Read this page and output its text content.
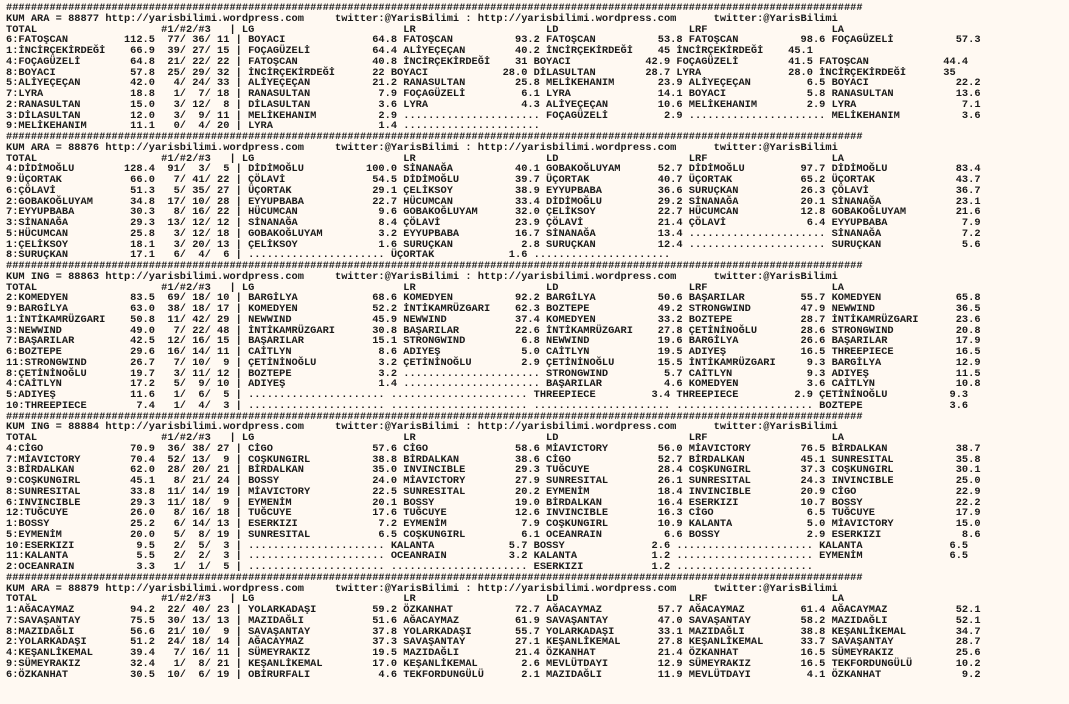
##########################################################################################################################################
KUM ARA = 88877 http://yarisbilimi.wordpress.com     twitter:@YarisBilimi : http://yarisbilimi.wordpress.com      twitter:@YarisBilimi
TOTAL                    #1/#2/#3   | LG                        LR                     LD                     LRF                    LA
6:FATOŞCAN         112.5  77/ 36/ 11 | BOYACI              64.8 FATOŞCAN          93.2 FATOŞCAN          53.8 FATOŞCAN          98.6 FOÇAGÜZELİ          57.3
1:İNCİRÇEKİRDEĞİ    66.9  39/ 27/ 15 | FOÇAGÜZELİ          64.4 ALİYEÇEÇAN        40.2 İNCİRÇEKİRDEĞİ    45 İNCİRÇEKİRDEĞİ    45.1
4:FOÇAGÜZELİ        64.8  21/ 22/ 22 | FATOŞCAN            40.8 İNCİRÇEKİRDEĞİ    31 BOYACI            42.9 FOÇAGÜZELİ        41.5 FATOŞCAN            44.4
8:BOYACI            57.8  25/ 29/ 32 | İNCİRÇEKİRDEĞİ      22 BOYACI            28.0 DİLASULTAN        28.7 LYRA              28.0 İNCİRÇEKİRDEĞİ      35
5:ALİYEÇEÇAN        42.0   4/ 24/ 33 | ALİYEÇEÇAN          21.2 RANASULTAN        25.8 MELİKEHANIM       23.9 ALİYEÇEÇAN         6.5 BOYACI              22.2
7:LYRA              18.8   1/  7/ 18 | RANASULTAN           7.9 FOÇAGÜZELİ         6.1 LYRA              14.1 BOYACI             5.8 RANASULTAN          13.6
2:RANASULTAN        15.0   3/ 12/  8 | DİLASULTAN           3.6 LYRA               4.3 ALİYEÇEÇAN        10.6 MELİKEHANIM        2.9 LYRA                 7.1
3:DİLASULTAN        12.0   3/  9/ 11 | MELİKEHANIM          2.9 ...................... FOÇAGÜZELİ         2.9 ...................... MELİKEHANIM          3.6
9:MELİKEHANIM       11.1   0/  4/ 20 | LYRA                 1.4 ......................
##########################################################################################################################################
KUM ARA = 88876 http://yarisbilimi.wordpress.com     twitter:@YarisBilimi : http://yarisbilimi.wordpress.com      twitter:@YarisBilimi
TOTAL                    #1/#2/#3   | LG                        LR                     LD                     LRF                    LA
4:DİDİMOĞLU        128.4  91/  3/  5 | DİDİMOĞLU          100.0 SİNANAĞA          40.1 GOBAKOĞLUYAM      52.7 DİDİMOĞLU         97.7 DİDİMOĞLU           83.4
9:ÜÇORTAK           66.0   7/ 41/ 22 | ÇÖLAVİ              54.5 DİDİMOĞLU         39.7 ÜÇORTAK           40.7 ÜÇORTAK           65.2 ÜÇORTAK             43.7
6:ÇÖLAVİ            51.3   5/ 35/ 27 | ÜÇORTAK             29.1 ÇELİKSOY          38.9 EYYUPBABA         36.6 SURUÇKAN          26.3 ÇÖLAVİ              36.7
2:GOBAKOĞLUYAM      34.8  17/ 10/ 28 | EYYUPBABA           22.7 HÜCUMCAN          33.4 DİDİMOĞLU         29.2 SİNANAĞA          20.1 SİNANAĞA            23.1
7:EYYUPBABA         30.3   8/ 16/ 22 | HÜCUMCAN             9.6 GOBAKOĞLUYAM      32.0 ÇELİKSOY          22.7 HÜCUMCAN          12.8 GOBAKOĞLUYAM        21.6
3:SİNANAĞA          29.3  13/ 12/ 12 | SİNANAĞA             8.4 ÇÖLAVİ            23.9 ÇÖLAVİ            21.4 ÇÖLAVİ             6.4 EYYUPBABA            7.9
5:HÜCUMCAN          25.8   3/ 12/ 18 | GOBAKOĞLUYAM         3.2 EYYUPBABA         16.7 SİNANAĞA          13.4 ...................... SİNANAĞA             7.2
1:ÇELİKSOY          18.1   3/ 20/ 13 | ÇELİKSOY             1.6 SURUÇKAN           2.8 SURUÇKAN          12.4 ...................... SURUÇKAN             5.6
8:SURUÇKAN          17.1   6/  4/  6 | ...................... ÜÇORTAK            1.6 ......................
##########################################################################################################################################
KUM ING = 88863 http://yarisbilimi.wordpress.com     twitter:@YarisBilimi : http://yarisbilimi.wordpress.com      twitter:@YarisBilimi
TOTAL                    #1/#2/#3   | LG                        LR                     LD                     LRF                    LA
2:KOMEDYEN          83.5  69/ 18/ 10 | BARGİLYA            68.6 KOMEDYEN          92.2 BARGİLYA          50.6 BAŞARILAR         55.7 KOMEDYEN            65.8
9:BARGİLYA          63.0  38/ 18/ 17 | KOMEDYEN            52.2 İNTİKAMRÜZGARI    62.3 BOZTEPE           49.2 STRONGWIND        47.9 NEWWIND             36.5
1:İNTİKAMRÜZGARI    50.8  11/ 42/ 29 | NEWWIND             45.9 NEWWIND           37.4 KOMEDYEN          33.2 BOZTEPE           28.7 İNTİKAMRÜZGARI      23.6
3:NEWWIND           49.0   7/ 22/ 48 | İNTİKAMRÜZGARI      30.8 BAŞARILAR         22.6 İNTİKAMRÜZGARI    27.8 ÇETİNİNOĞLU       28.6 STRONGWIND          20.8
7:BAŞARILAR         42.5  12/ 16/ 15 | BAŞARILAR           15.1 STRONGWIND         6.8 NEWWIND           19.6 BARGİLYA          26.6 BAŞARILAR           17.9
6:BOZTEPE           29.6  16/ 14/ 11 | CAİTLYN              8.6 ADIYEŞ             5.0 CAİTLYN           19.5 ADIYEŞ            16.5 THREEPIECE          16.5
11:STRONGWIND       26.7   7/ 10/  9 | ÇETİNİNOĞLU          3.2 ÇETİNİNOĞLU        2.9 ÇETİNİNOĞLU       15.5 İNTİKAMRÜZGARI     9.3 BARGİLYA            12.9
8:ÇETİNİNOĞLU       19.7   3/ 11/ 12 | BOZTEPE              3.2 ...................... STRONGWIND         5.7 CAİTLYN            9.3 ADIYEŞ              11.5
4:CAİTLYN           17.2   5/  9/ 10 | ADIYEŞ               1.4 ...................... BAŞARILAR          4.6 KOMEDYEN           3.6 CAİTLYN             10.8
5:ADIYEŞ            11.6   1/  6/  5 | ...................... ...................... THREEPIECE         3.4 THREEPIECE         2.9 ÇETİNİNOĞLU          9.3
10:THREEPIECE        7.4   1/  4/  3 | ...................... ...................... ...................... ...................... BOZTEPE              3.6
##########################################################################################################################################
KUM ING = 88884 http://yarisbilimi.wordpress.com     twitter:@YarisBilimi : http://yarisbilimi.wordpress.com      twitter:@YarisBilimi
TOTAL                    #1/#2/#3   | LG                        LR                     LD                     LRF                    LA
4:CİGO              70.9  36/ 38/ 27 | CİGO                57.6 CİGO              58.6 MİAVICTORY        56.0 MİAVICTORY        76.5 BİRDALKAN           38.7
7:MİAVICTORY        70.4  52/ 13/  9 | COŞKUNGIRL          38.8 BİRDALKAN         38.6 CİGO              52.7 BİRDALKAN         45.1 SUNRESITAL          35.8
3:BİRDALKAN         62.0  28/ 20/ 21 | BİRDALKAN           35.0 INVINCIBLE        29.3 TUĞCUYE           28.4 COŞKUNGIRL        37.3 COŞKUNGIRL          30.1
9:COŞKUNGIRL        45.1   8/ 21/ 24 | BOSSY               24.0 MİAVICTORY        27.9 SUNRESITAL        26.1 SUNRESITAL        24.3 INVINCIBLE          25.0
8:SUNRESITAL        33.8  11/ 14/ 19 | MİAVICTORY          22.5 SUNRESITAL        20.2 EYMENİM           18.4 INVINCIBLE        20.9 CİGO                22.9
6:INVINCIBLE        29.3  11/ 18/  9 | EYMENİM             20.1 BOSSY             19.0 BİRDALKAN         16.4 ESERKIZI          10.7 BOSSY               22.2
12:TUĞCUYE          26.0   8/ 16/ 18 | TUĞCUYE             17.6 TUĞCUYE           12.6 INVINCIBLE        16.3 CİGO               6.5 TUĞCUYE             17.9
1:BOSSY             25.2   6/ 14/ 13 | ESERKIZI             7.2 EYMENİM            7.9 COŞKUNGIRL        10.9 KALANTA            5.0 MİAVICTORY          15.0
5:EYMENİM           20.0   5/  8/ 19 | SUNRESITAL           6.5 COŞKUNGIRL         6.1 OCEANRAIN          6.6 BOSSY              2.9 ESERKIZI             8.6
10:ESERKIZI          9.5   2/  5/  3 | ...................... KALANTA            5.7 BOSSY              2.6 ...................... KALANTA              6.5
11:KALANTA           5.5   2/  2/  3 | ...................... OCEANRAIN          3.2 KALANTA            1.2 ...................... EYMENİM              6.5
2:OCEANRAIN          3.3   1/  1/  5 | ...................... ...................... ESERKIZI           1.2 ......................
##########################################################################################################################################
KUM ARA = 88879 http://yarisbilimi.wordpress.com     twitter:@YarisBilimi : http://yarisbilimi.wordpress.com      twitter:@YarisBilimi
TOTAL                    #1/#2/#3   | LG                        LR                     LD                     LRF                    LA
1:AĞACAYMAZ         94.2  22/ 40/ 23 | YOLARKADAŞI         59.2 ÖZKANHAT          72.7 AĞACAYMAZ         57.7 AĞACAYMAZ         61.4 AĞACAYMAZ           52.1
7:SAVAŞANTAY        75.5  30/ 13/ 13 | MAZIDAĞLI           51.6 AĞACAYMAZ         61.9 SAVAŞANTAY        47.0 SAVAŞANTAY        58.2 MAZIDAĞLI           52.1
8:MAZIDAĞLI         56.6  21/ 10/  9 | SAVAŞANTAY          37.8 YOLARKADAŞI       55.7 YOLARKADAŞI       33.1 MAZIDAĞLI         38.8 KEŞANLİKEMAL        34.7
2:YOLARKADAŞI       51.2  24/ 18/ 14 | AĞACAYMAZ           37.3 SAVAŞANTAY        27.1 KEŞANLİKEMAL      27.8 KEŞANLİKEMAL      33.7 SAVAŞANTAY          28.7
4:KEŞANLİKEMAL      39.4   7/ 16/ 11 | SÜMEYRAKIZ          19.5 MAZIDAĞLI         21.4 ÖZKANHAT          21.4 ÖZKANHAT          16.5 SÜMEYRAKIZ          25.6
9:SÜMEYRAKIZ        32.4   1/  8/ 21 | KEŞANLİKEMAL        17.0 KEŞANLİKEMAL       2.6 MEVLÜTDAYI        12.9 SÜMEYRAKIZ        16.5 TEKFORDUNGÜLÜ       10.2
6:ÖZKANHAT          30.5  10/  6/ 19 | OBİRURFALI           4.6 TEKFORDUNGÜLÜ      2.1 MAZIDAĞLI         11.9 MEVLÜTDAYI         4.1 ÖZKANHAT             9.2
